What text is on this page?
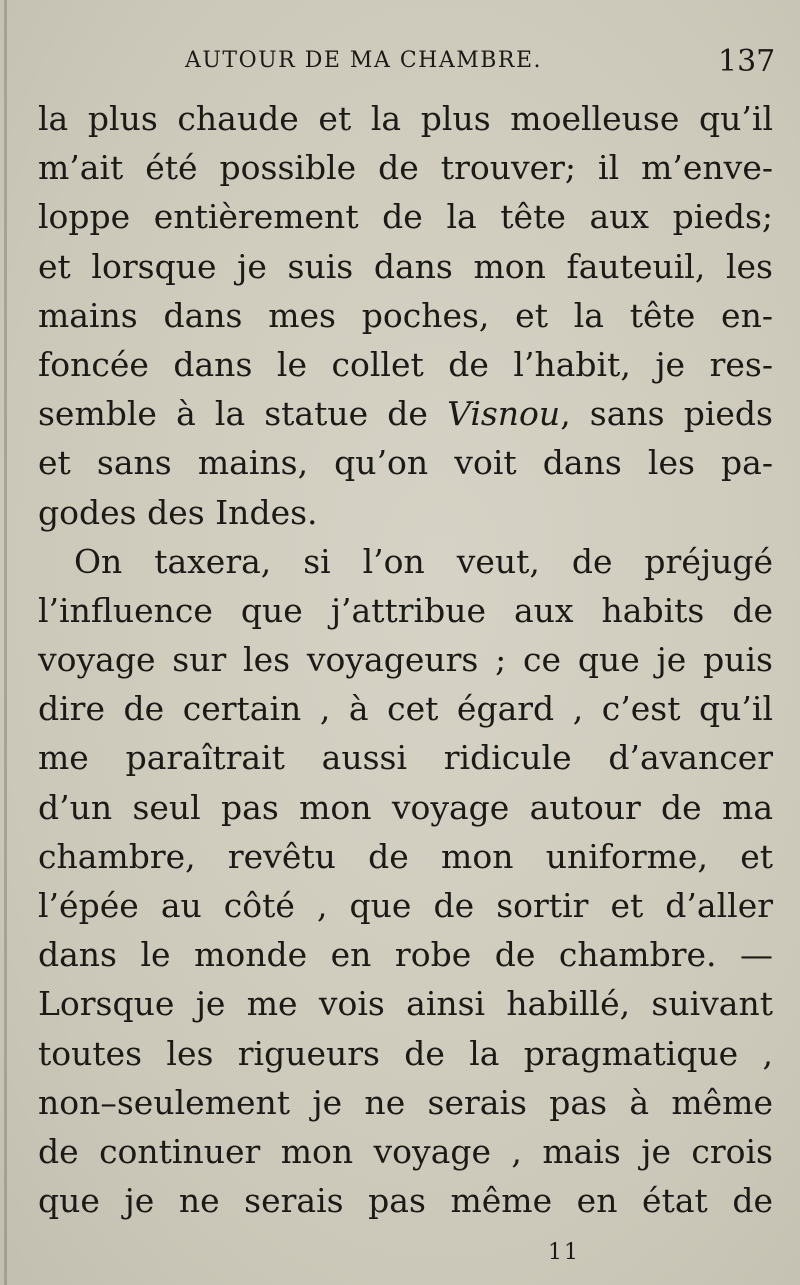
AUTOUR DE MA CHAMBRE.	137
la plus chaude et la plus moelleuse qu’il
m’ait été possible de trouver; il m’enve-
loppe entièrement de la tête aux pieds;
et lorsque je suis dans mon fauteuil, les
mains dans mes poches, et la tête en-
foncée dans le collet de l’habit, je res-
semble à la statue de Visnou, sans pieds
et sans mains, qu’on voit dans les pa-
godes des Indes.
On taxera, si l’on veut, de préjugé
l’influence que j’attribue aux habits de
voyage sur les voyageurs ; ce que je puis
dire de certain , à cet égard , c’est qu’il
me paraîtrait aussi ridicule d’avancer
d’un seul pas mon voyage autour de ma
chambre, revêtu de mon uniforme, et
l’épée au côté , que de sortir et d’aller
dans le monde en robe de chambre. —
Lorsque je me vois ainsi habillé, suivant
toutes les rigueurs de la pragmatique ,
non–seulement je ne serais pas à même
de continuer mon voyage , mais je crois
que je ne serais pas même en état de
11
